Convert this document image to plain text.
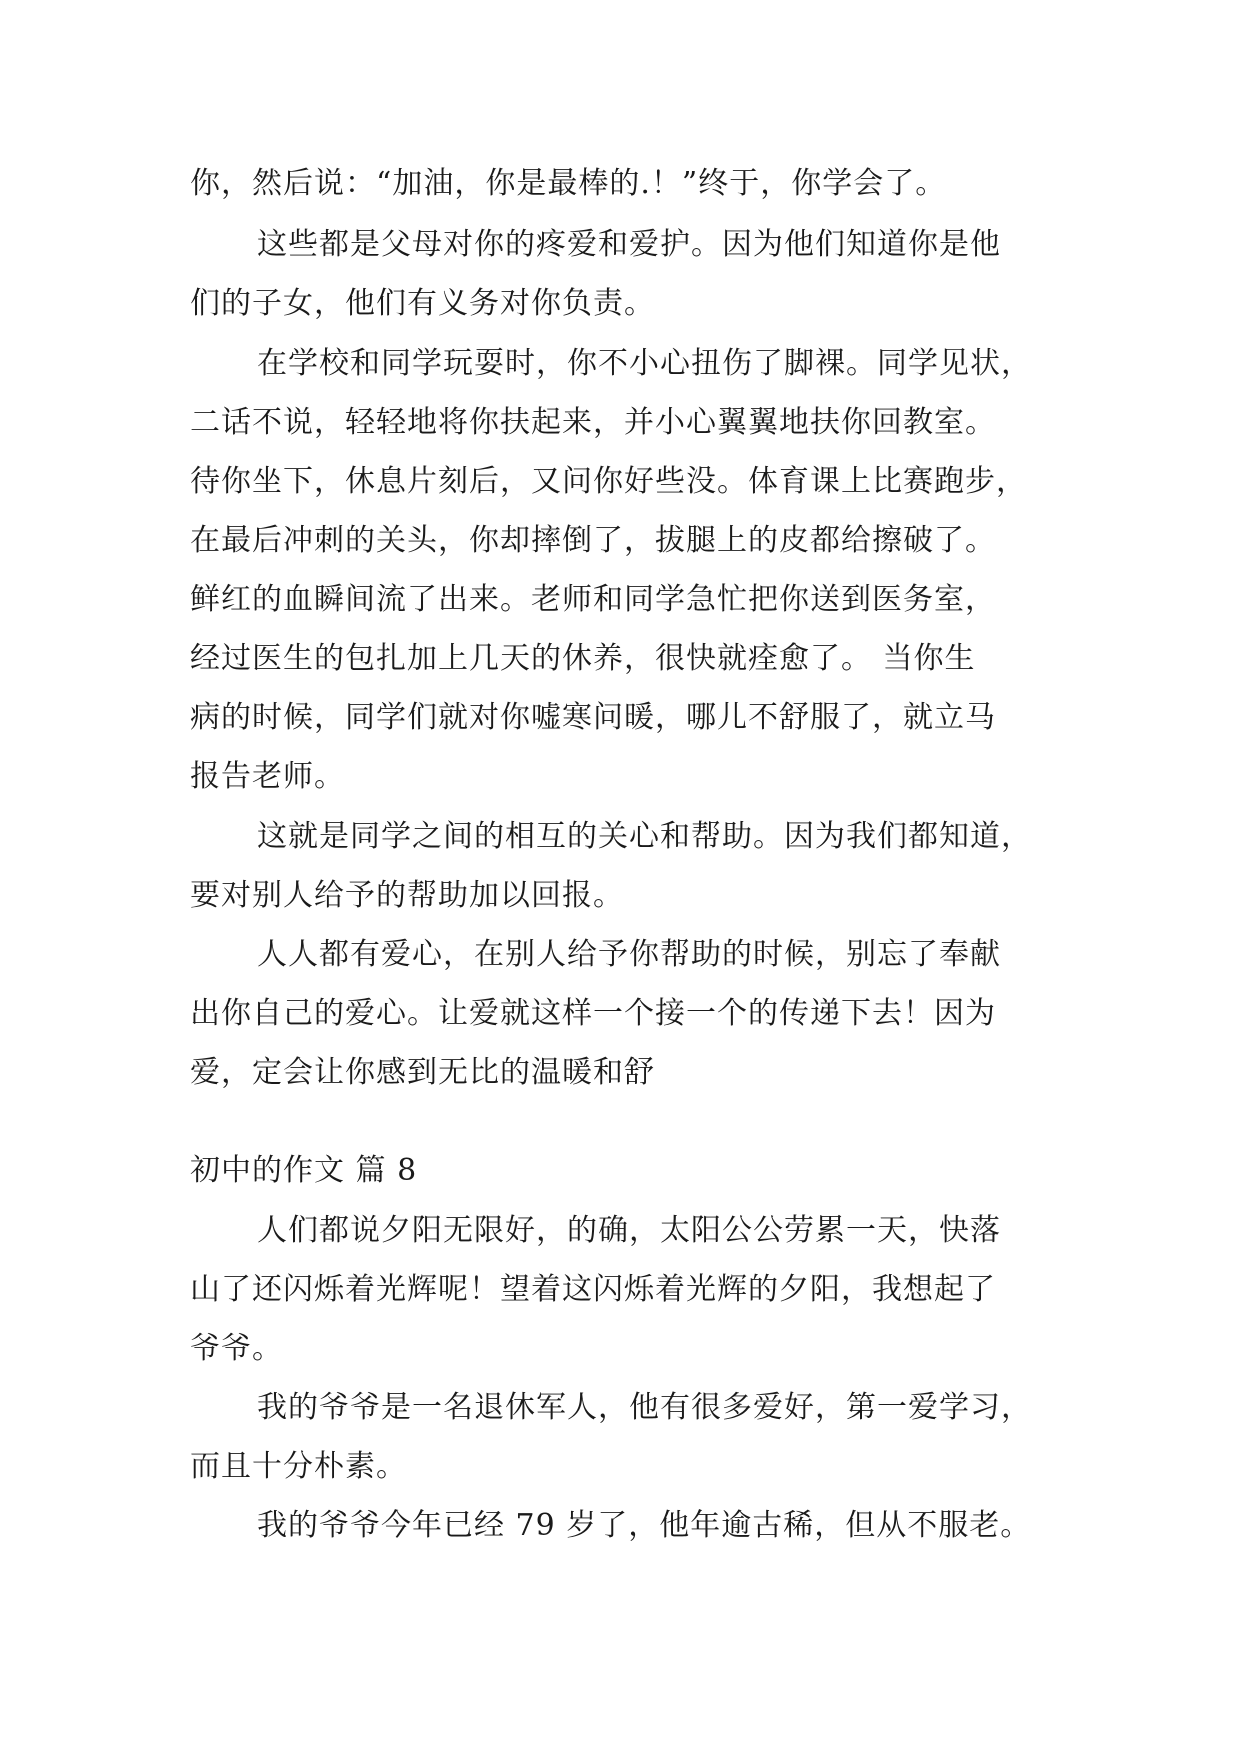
你，然后说：“加油，你是最棒的.！”终于，你学会了。
这些都是父母对你的疼爱和爱护。因为他们知道你是他
们的子女，他们有义务对你负责。
在学校和同学玩耍时，你不小心扭伤了脚裸。同学见状，
二话不说，轻轻地将你扶起来，并小心翼翼地扶你回教室。
待你坐下，休息片刻后，又问你好些没。体育课上比赛跑步，
在最后冲刺的关头，你却摔倒了，拔腿上的皮都给擦破了。
鲜红的血瞬间流了出来。老师和同学急忙把你送到医务室，
经过医生的包扎加上几天的休养，很快就痊愈了。 当你生
病的时候，同学们就对你嘘寒问暖，哪儿不舒服了，就立马
报告老师。
这就是同学之间的相互的关心和帮助。因为我们都知道，
要对别人给予的帮助加以回报。
人人都有爱心，在别人给予你帮助的时候，别忘了奉献
出你自己的爱心。让爱就这样一个接一个的传递下去！因为
爱，定会让你感到无比的温暖和舒
初中的作文 篇 8
人们都说夕阳无限好，的确，太阳公公劳累一天，快落
山了还闪烁着光辉呢！望着这闪烁着光辉的夕阳，我想起了
爷爷。
我的爷爷是一名退休军人，他有很多爱好，第一爱学习，
而且十分朴素。
我的爷爷今年已经 79 岁了，他年逾古稀，但从不服老。
